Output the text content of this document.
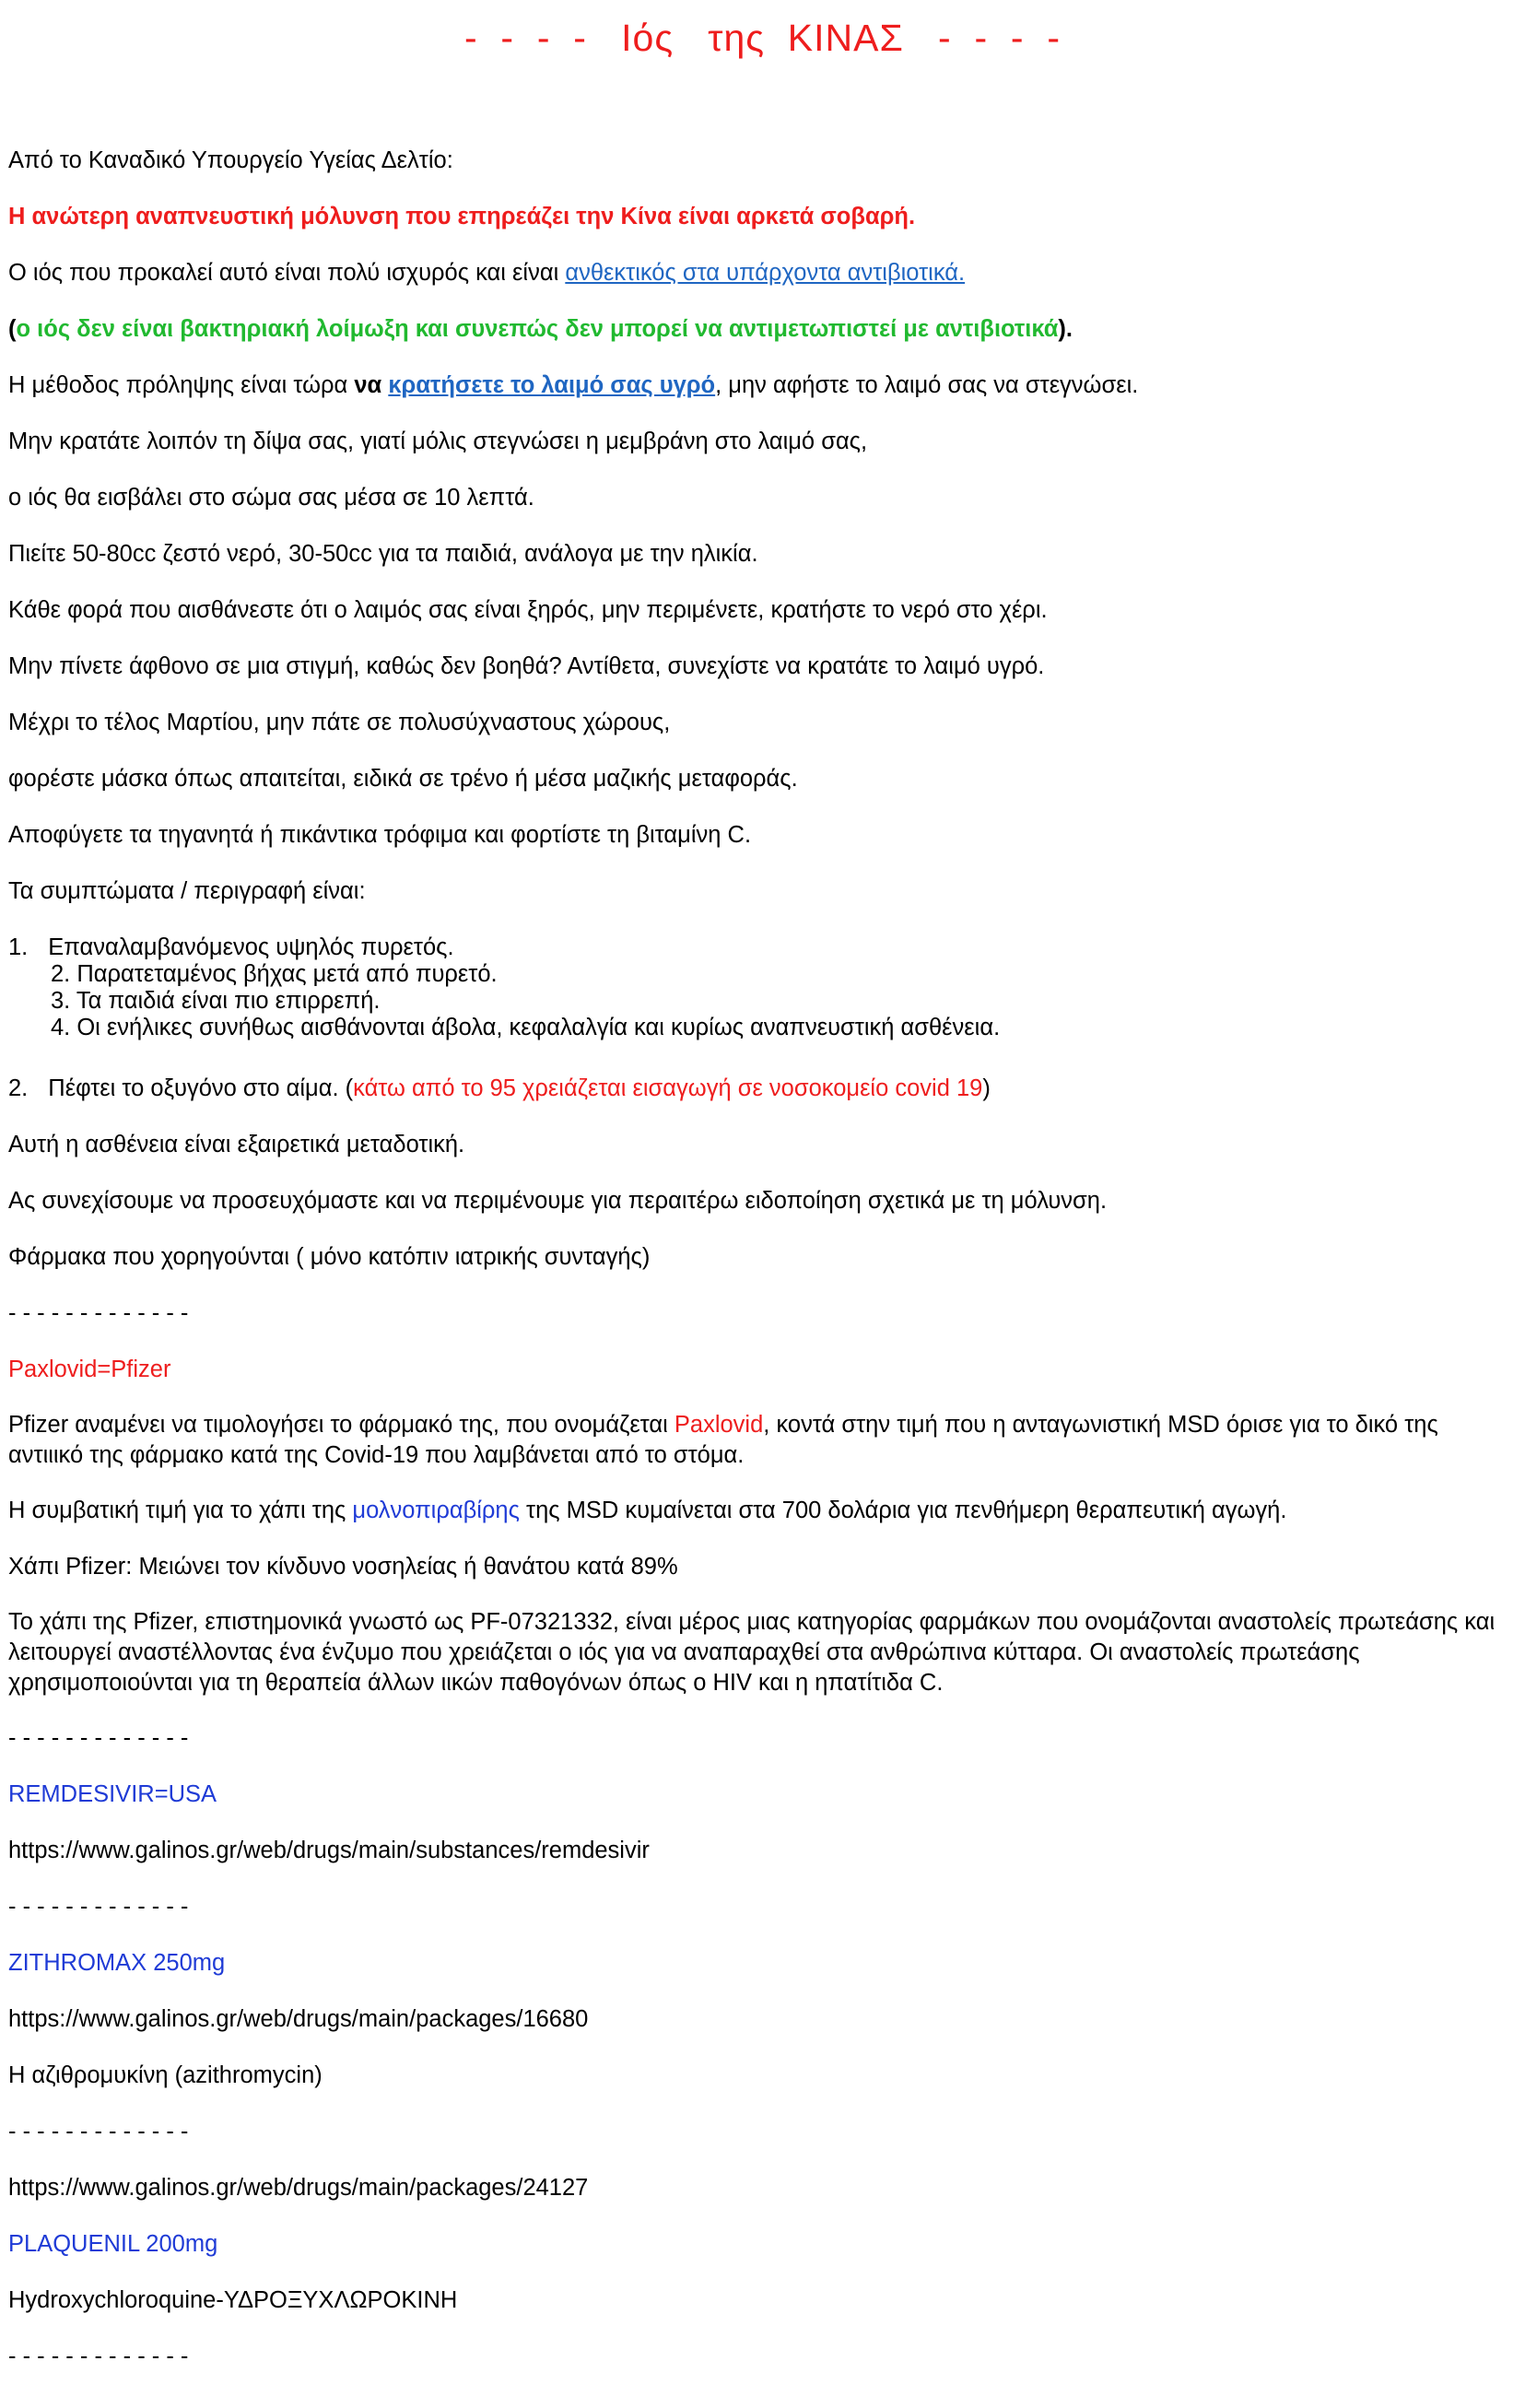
-  -  -  -   Ιός   της  ΚΙΝΑΣ   -  -  -  -
Από το Καναδικό Υπουργείο Υγείας Δελτίο:
Η ανώτερη αναπνευστική μόλυνση που επηρεάζει την Κίνα είναι αρκετά σοβαρή.
Ο ιός που προκαλεί αυτό είναι πολύ ισχυρός και είναι ανθεκτικός στα υπάρχοντα αντιβιοτικά.
(ο ιός δεν είναι βακτηριακή λοίμωξη και συνεπώς δεν μπορεί να αντιμετωπιστεί με αντιβιοτικά).
Η μέθοδος πρόληψης είναι τώρα να κρατήσετε το λαιμό σας υγρό, μην αφήστε το λαιμό σας να στεγνώσει.
Μην κρατάτε λοιπόν τη δίψα σας, γιατί μόλις στεγνώσει η μεμβράνη στο λαιμό σας,
ο ιός θα εισβάλει στο σώμα σας μέσα σε 10 λεπτά.
Πιείτε 50-80cc ζεστό νερό, 30-50cc για τα παιδιά, ανάλογα με την ηλικία.
Κάθε φορά που αισθάνεστε ότι ο λαιμός σας είναι ξηρός, μην περιμένετε, κρατήστε το νερό στο χέρι.
Μην πίνετε άφθονο σε μια στιγμή, καθώς δεν βοηθά? Αντίθετα, συνεχίστε να κρατάτε το λαιμό υγρό.
Μέχρι το τέλος Μαρτίου, μην πάτε σε πολυσύχναστους χώρους,
φορέστε μάσκα όπως απαιτείται, ειδικά σε τρένο ή μέσα μαζικής μεταφοράς.
Αποφύγετε τα τηγανητά ή πικάντικα τρόφιμα και φορτίστε τη βιταμίνη C.
Τα συμπτώματα / περιγραφή είναι:
1. Επαναλαμβανόμενος υψηλός πυρετός.
2. Παρατεταμένος βήχας μετά από πυρετό.
3. Τα παιδιά είναι πιο επιρρεπή.
4. Οι ενήλικες συνήθως αισθάνονται άβολα, κεφαλαλγία και κυρίως αναπνευστική ασθένεια.
2. Πέφτει το οξυγόνο στο αίμα. (κάτω από το 95 χρειάζεται εισαγωγή σε νοσοκομείο covid 19)
Αυτή η ασθένεια είναι εξαιρετικά μεταδοτική.
Ας συνεχίσουμε να προσευχόμαστε και να περιμένουμε για περαιτέρω ειδοποίηση σχετικά με τη μόλυνση.
Φάρμακα που χορηγούνται ( μόνο κατόπιν ιατρικής συνταγής)
- - - - - - - - - - - - -
Paxlovid=Pfizer
Pfizer αναμένει να τιμολογήσει το φάρμακό της, που ονομάζεται Paxlovid, κοντά στην τιμή που η ανταγωνιστική MSD όρισε για το δικό της αντιιικό της φάρμακο κατά της Covid-19 που λαμβάνεται από το στόμα.
Η συμβατική τιμή για το χάπι της μολνοπιραβίρης της MSD κυμαίνεται στα 700 δολάρια για πενθήμερη θεραπευτική αγωγή.
Χάπι Pfizer: Μειώνει τον κίνδυνο νοσηλείας ή θανάτου κατά 89%
Το χάπι της Pfizer, επιστημονικά γνωστό ως PF-07321332, είναι μέρος μιας κατηγορίας φαρμάκων που ονομάζονται αναστολείς πρωτεάσης και λειτουργεί αναστέλλοντας ένα ένζυμο που χρειάζεται ο ιός για να αναπαραχθεί στα ανθρώπινα κύτταρα. Οι αναστολείς πρωτεάσης χρησιμοποιούνται για τη θεραπεία άλλων ιικών παθογόνων όπως ο HIV και η ηπατίτιδα C.
- - - - - - - - - - - - -
REMDESIVIR=USA
https://www.galinos.gr/web/drugs/main/substances/remdesivir
- - - - - - - - - - - - -
ZITHROMAX 250mg
https://www.galinos.gr/web/drugs/main/packages/16680
Η αζιθρομυκίνη (azithromycin)
- - - - - - - - - - - - -
https://www.galinos.gr/web/drugs/main/packages/24127
PLAQUENIL 200mg
Hydroxychloroquine-ΥΔΡΟΞΥΧΛΩΡΟΚΙΝΗ
- - - - - - - - - - - - -
